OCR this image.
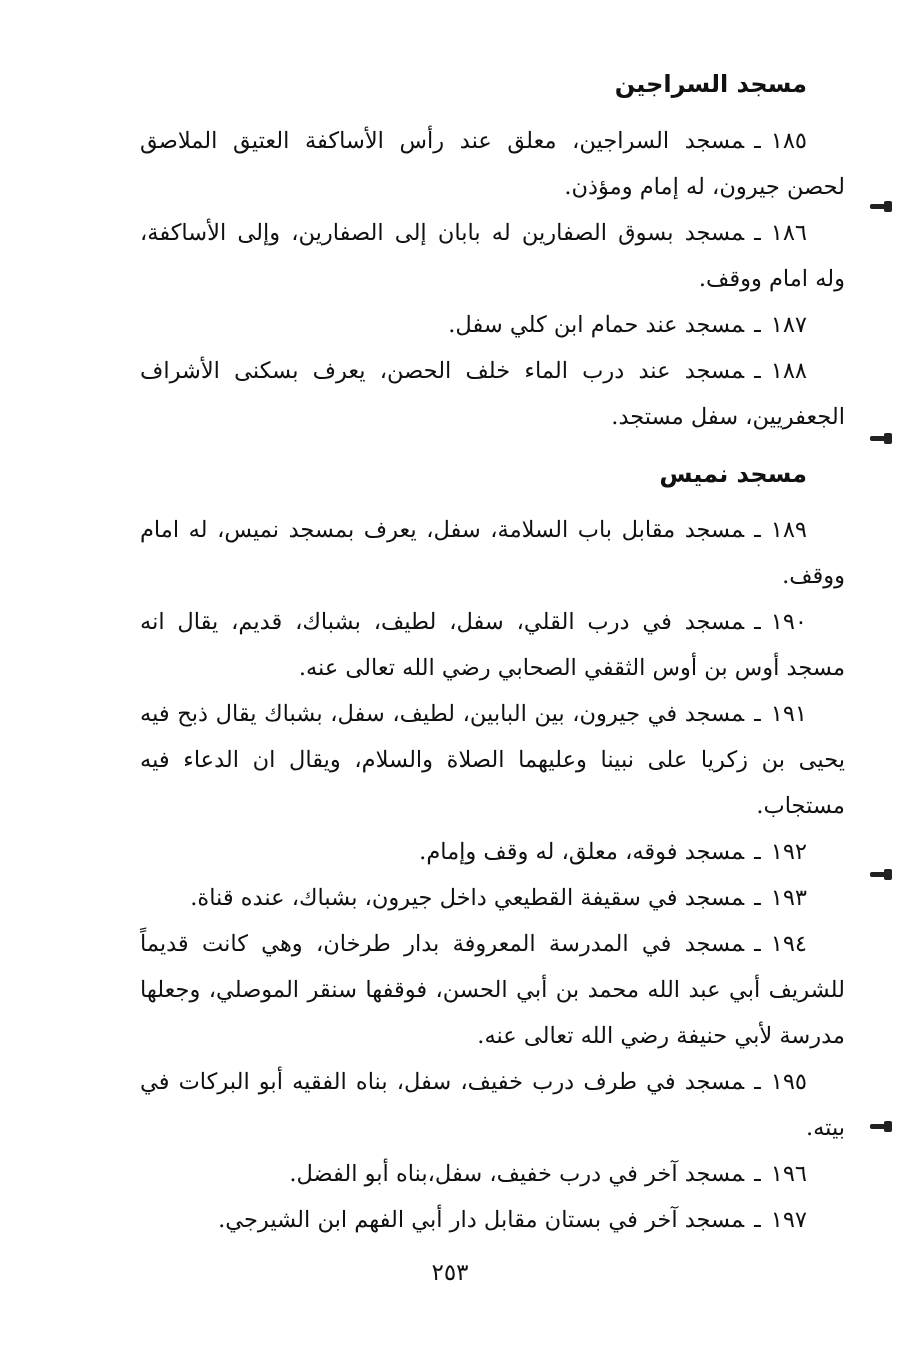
مسجد السراجين

١٨٥ـمسجد السراجين، معلق عند رأس الأساكفة العتيق الملاصق لحصن جيرون، له إمام ومؤذن.

١٨٦ـمسجد بسوق الصفارين له بابان إلى الصفارين، وإلى الأساكفة، وله امام ووقف.

١٨٧ـمسجد عند حمام ابن كلي سفل.

١٨٨ـمسجد عند درب الماء خلف الحصن، يعرف بسكنى الأشراف الجعفريين، سفل مستجد.

مسجد نميس

١٨٩ـمسجد مقابل باب السلامة، سفل، يعرف بمسجد نميس، له امام ووقف.

١٩٠ـمسجد في درب القلي، سفل، لطيف، بشباك، قديم، يقال انه مسجد أوس بن أوس الثقفي الصحابي رضي الله تعالى عنه.

١٩١ـمسجد في جيرون، بين البابين، لطيف، سفل، بشباك يقال ذبح فيه يحيى بن زكريا على نبينا وعليهما الصلاة والسلام، ويقال ان الدعاء فيه مستجاب.

١٩٢ـمسجد فوقه، معلق، له وقف وإمام.

١٩٣ـمسجد في سقيفة القطيعي داخل جيرون، بشباك، عنده قناة.

١٩٤ـمسجد في المدرسة المعروفة بدار طرخان، وهي كانت قديماً للشريف أبي عبد الله محمد بن أبي الحسن، فوقفها سنقر الموصلي، وجعلها مدرسة لأبي حنيفة رضي الله تعالى عنه.

١٩٥ـمسجد في طرف درب خفيف، سفل، بناه الفقيه أبو البركات في بيته.

١٩٦ـمسجد آخر في درب خفيف، سفل،بناه أبو الفضل.

١٩٧ـمسجد آخر في بستان مقابل دار أبي الفهم ابن الشيرجي.

٢٥٣
